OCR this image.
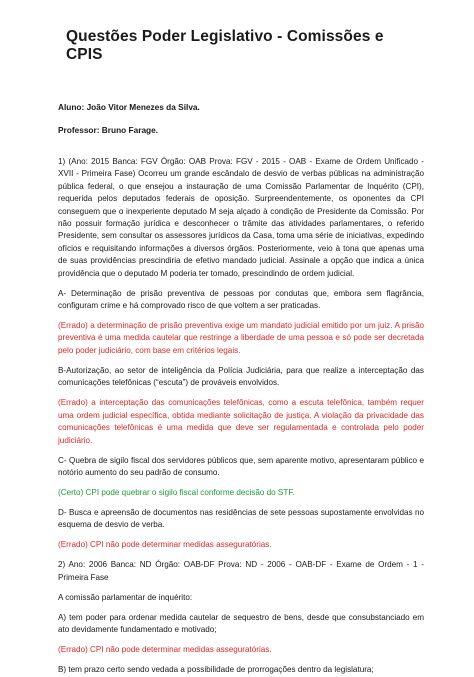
Questões Poder Legislativo - Comissões e CPIS

Aluno: João Vitor Menezes da Silva.

Professor: Bruno Farage.

1) (Ano: 2015 Banca: FGV Órgão: OAB Prova: FGV - 2015 - OAB - Exame de Ordem Unificado - XVII - Primeira Fase) Ocorreu um grande escândalo de desvio de verbas públicas na administração pública federal, o que ensejou a instauração de uma Comissão Parlamentar de Inquérito (CPI), requerida pelos deputados federais de oposição. Surpreendentemente, os oponentes da CPI conseguem que o inexperiente deputado M seja alçado à condição de Presidente da Comissão. Por não possuir formação jurídica e desconhecer o trâmite das atividades parlamentares, o referido Presidente, sem consultar os assessores jurídicos da Casa, toma uma série de iniciativas, expedindo ofícios e requisitando informações a diversos órgãos. Posteriormente, veio à tona que apenas uma de suas providências prescindiria de efetivo mandado judicial. Assinale a opção que indica a única providência que o deputado M poderia ter tomado, prescindindo de ordem judicial.

A- Determinação de prisão preventiva de pessoas por condutas que, embora sem flagrância, configuram crime e há comprovado risco de que voltem a ser praticadas.

(Errado) a determinação de prisão preventiva exige um mandato judicial emitido por um juiz. A prisão preventiva é uma medida cautelar que restringe a liberdade de uma pessoa e só pode ser decretada pelo poder judiciário, com base em critérios legais.

B-Autorização, ao setor de inteligência da Polícia Judiciária, para que realize a interceptação das comunicações telefônicas (“escuta”) de prováveis envolvidos.

(Errado) a interceptação das comunicações telefônicas, como a escuta telefônica, também requer uma ordem judicial específica, obtida mediante solicitação de justiça. A violação da privacidade das comunicações telefônicas é uma medida que deve ser regulamentada e controlada pelo poder judiciário.

C- Quebra de sigilo fiscal dos servidores públicos que, sem aparente motivo, apresentaram público e notório aumento do seu padrão de consumo.

(Certo) CPI pode quebrar o sigilo fiscal conforme decisão do STF.

D- Busca e apreensão de documentos nas residências de sete pessoas supostamente envolvidas no esquema de desvio de verba.

(Errado) CPI não pode determinar medidas asseguratórias.

2) Ano: 2006 Banca: ND Órgão: OAB-DF Prova: ND - 2006 - OAB-DF - Exame de Ordem - 1 - Primeira Fase

A comissão parlamentar de inquérito:

A) tem poder para ordenar medida cautelar de sequestro de bens, desde que consubstanciado em ato devidamente fundamentado e motivado;

(Errado) CPI não pode determinar medidas asseguratórias.

B) tem prazo certo sendo vedada a possibilidade de prorrogações dentro da legislatura;
